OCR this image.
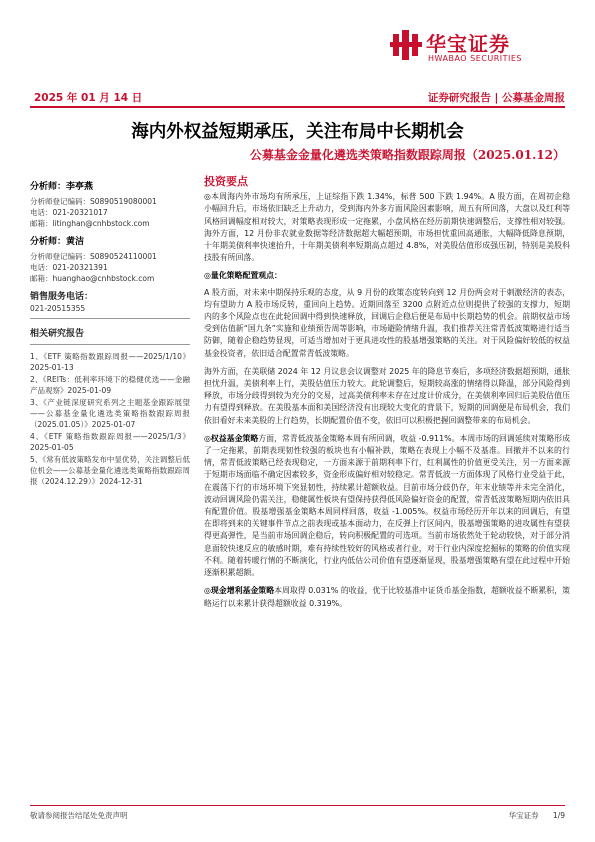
华宝证券
HWABAO SECURITIES
2025 年 01 月 14 日	证券研究报告 | 公募基金周报
海内外权益短期承压，关注布局中长期机会
公募基金金量化遴选类策略指数跟踪周报（2025.01.12）
分析师：李亭燕
分析师登记编码：S0890519080001
电话：021-20321017
邮箱：litinghan@cnhbstock.com
分析师：黄洁
分析师登记编码：S0890524110001
电话：021-20321391
邮箱：huanghao@cnhbstock.com
销售服务电话：
021-20515355
相关研究报告
1、《ETF 策略指数跟踪周报——2025/1/10》2025-01-13
2、《REITs：低利率环境下的稳健优选——金融产品观察》2025-01-09
3、《产业链深度研究系列之主题基金跟踪展望——公募基金量化遴选类策略指数跟踪周报（2025.01.05）》2025-01-07
4、《ETF 策略指数跟踪周报——2025/1/3》2025-01-05
5、《常有低波策略发布中显优势，关注调整后低位机会——公募基金量化遴选类策略指数跟踪周报（2024.12.29）》2024-12-31
投资要点

◎本周海内外市场均有所承压，上证综指下跌 1.34%，标普 500 下跌 1.94%。A 股方面，在周初企稳小幅回升后，市场依旧缺乏上升动力，受到海内外多方面风险因素影响，周五有所回落，大盘以及红利等风格回调幅度相对较大，对策略表现形成一定拖累，小盘风格在经历前期快速调整后，支撑性相对较强。海外方面，12 月份非农就业数据等经济数据超大幅超预期，市场担忧重回高通胀，大幅降低降息预期，十年期美债利率快速抬升，十年期美债利率短期高点超过 4.8%，对美股估值形成强压制，特别是美股科技股有所回落。

◎量化策略配置观点：

A 股方面，对未来中期保持乐观的态度，从 9 月份的政策态度转向到 12 月份两会对于刺激经济的表态，均有望助力 A 股市场反转，重回向上趋势。近期回落至 3200 点附近点位则提供了较强的支撑力，短期内的多个风险点也在此轮回调中得到快速释放，回调后企稳后便是布局中长期趋势的机会。前期权益市场受到估值新“国九条”实施和业绩预告周等影响，市场避险情绪升温，我们推荐关注常青低波策略进行适当防御，随着企稳趋势显现，可适当增加对于更具进攻性的股基增强策略的关注。对于风险偏好较低的权益基金投资者，依旧适合配置常青低波策略。

海外方面，在美联储 2024 年 12 月议息会议调整对 2025 年的降息节奏后，多项经济数据超预期，通胀担忧升温，美债利率上行，美股估值压力较大。此轮调整后，短期较高涨的情绪得以降温，部分风险得到释放，市场分歧得到较为充分的交易，过高美债利率未存在过度计价成分，在美债利率回归后美股估值压力有望得到释放。在美股基本面和美国经济没有出现较大变化的背景下，短期的回调便是布局机会，我们依旧看好未来美股的上行趋势，长期配置价值不变，依旧可以积极把握回调整带来的布局机会。

◎权益基金策略方面，常青低波基金策略本周有所回调，收益 -0.911%。本周市场的回调延续对策略形成了一定拖累，前期表现韧性较强的板块也有小幅补跌，策略在表现上小幅不及基准。回撤并不以来的行情，常青低波策略已经表现稳定，一方面来源于前期利率下行，红利属性的价值更受关注，另一方面来源于短期市场面临不确定因素较多，资金形成偏好相对较稳定。常青低波一方面体现了风格行业受益于此，在震荡下行的市场环境下突显韧性，持续累计超额收益。目前市场分歧仍存，年末业绩等并未完全消化，波动回调风险仍需关注，稳健属性板块有望保持获得低风险偏好资金的配置，常青低波策略短期内依旧具有配置价值。股基增强基金策略本周同样回落，收益 -1.005%。权益市场经历开年以来的回调后，有望在即将到来的关键事件节点之前表现或基本面动力，在反弹上行区间内，股基增强策略的进攻属性有望获得更高弹性，是当前市场回调企稳后，转向积极配置的可选项。当前市场依然处于轮动较快，对于部分消息面较快速反应的敏感时期，难有持续性较好的风格或者行业，对于行业内深度挖掘标的策略的价值实现不利。随着转暖行情的不断演化，行业内低估公司价值有望逐渐显现，股基增强策略有望在此过程中开始逐渐积累超额。

◎现金增利基金策略本周取得 0.031% 的收益，优于比较基准中证货币基金指数，超额收益不断累积，策略运行以来累计获得超额收益 0.319%。

敬请参阅报告结尾处免责声明	华宝证券 1/9
